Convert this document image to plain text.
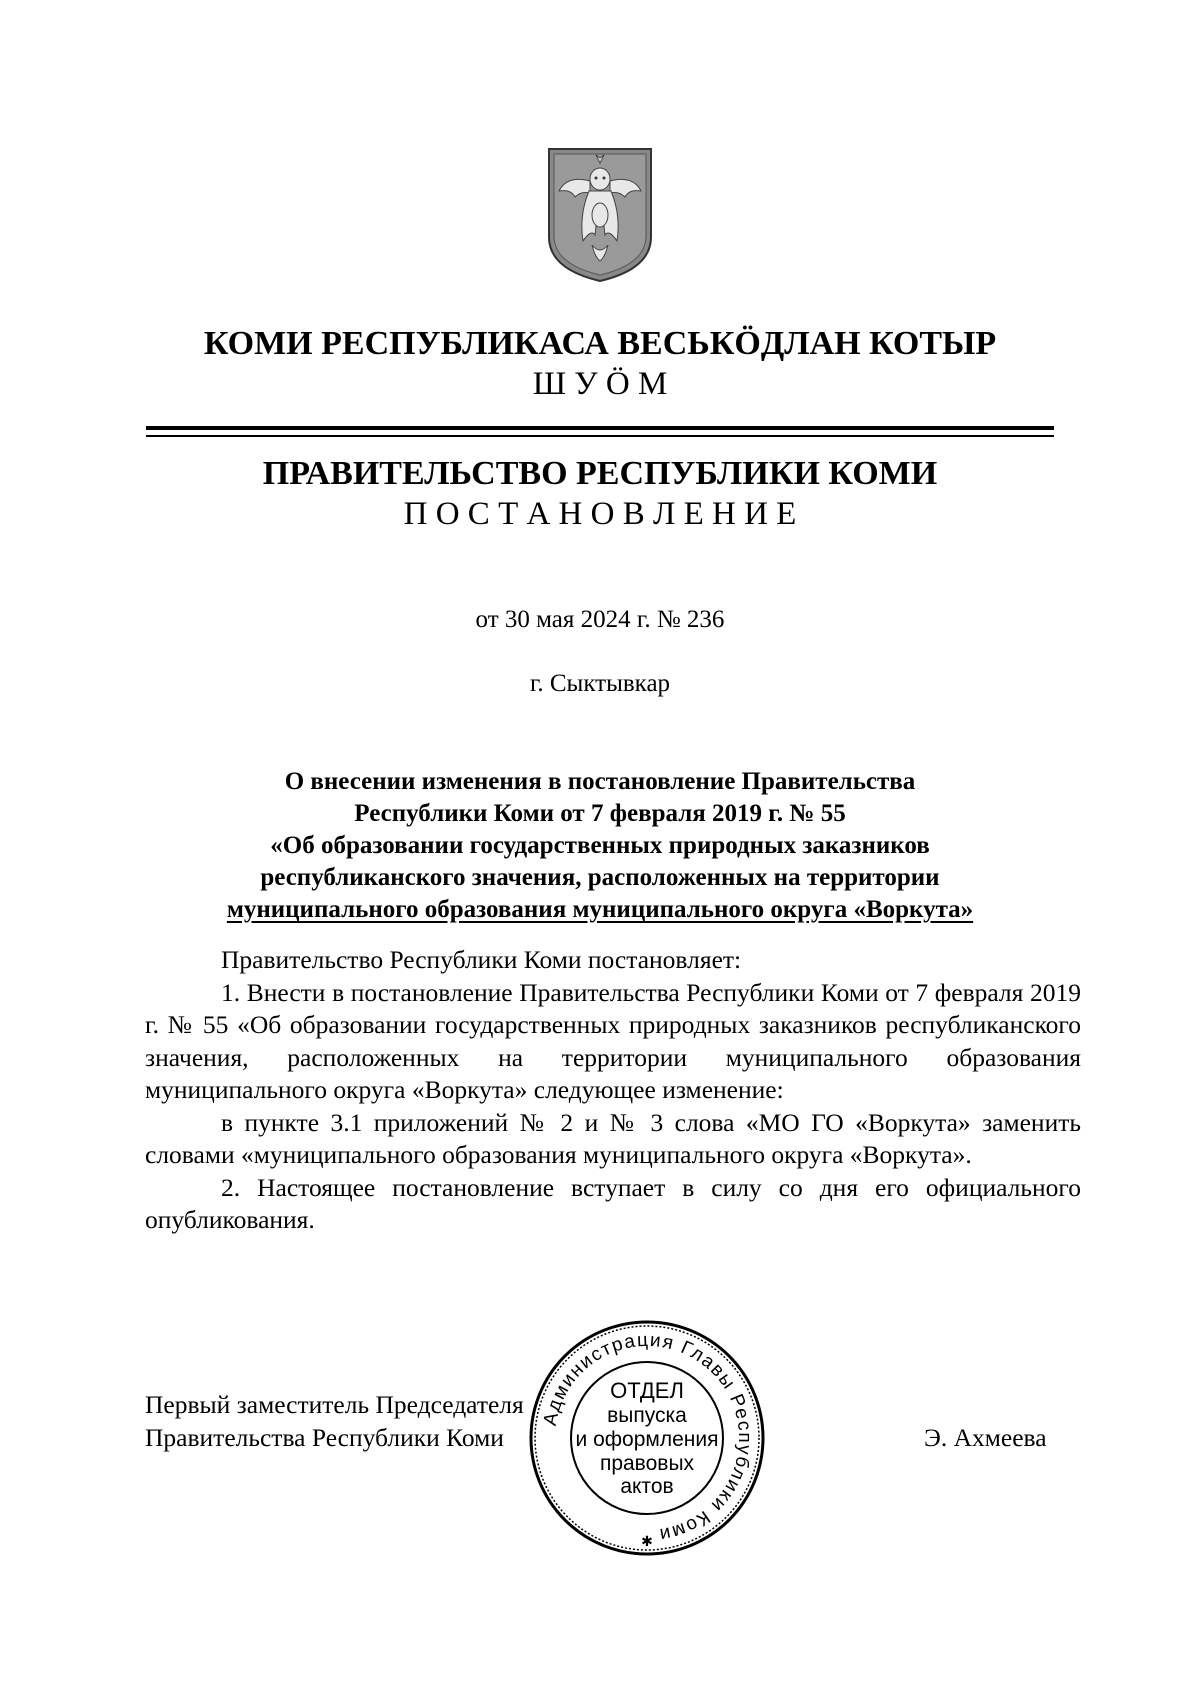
КОМИ РЕСПУБЛИКАСА ВЕСЬКӦДЛАН КОТЫР
Ш У Ӧ М
ПРАВИТЕЛЬСТВО РЕСПУБЛИКИ КОМИ
П О С Т А Н О В Л Е Н И Е
от 30 мая 2024 г. № 236
г. Сыктывкар
О внесении изменения в постановление Правительства
Республики Коми от 7 февраля 2019 г. № 55
«Об образовании государственных природных заказников
республиканского значения, расположенных на территории
муниципального образования муниципального округа «Воркута»

Правительство Республики Коми постановляет:

1. Внести в постановление Правительства Республики Коми от 7 февраля 2019 г. № 55 «Об образовании государственных природных заказников республиканского значения, расположенных на территории муниципального образования муниципального округа «Воркута» следующее изменение:

в пункте 3.1 приложений № 2 и № 3 слова «МО ГО «Воркута» заменить словами «муниципального образования муниципального округа «Воркута».

2. Настоящее постановление вступает в силу со дня его официального опубликования.

Первый заместитель Председателя
Правительства Республики Коми	Э. Ахмеева
Администрация Главы Республики Коми
ОТДЕЛ
выпуска
и оформления
правовых
актов
✱
